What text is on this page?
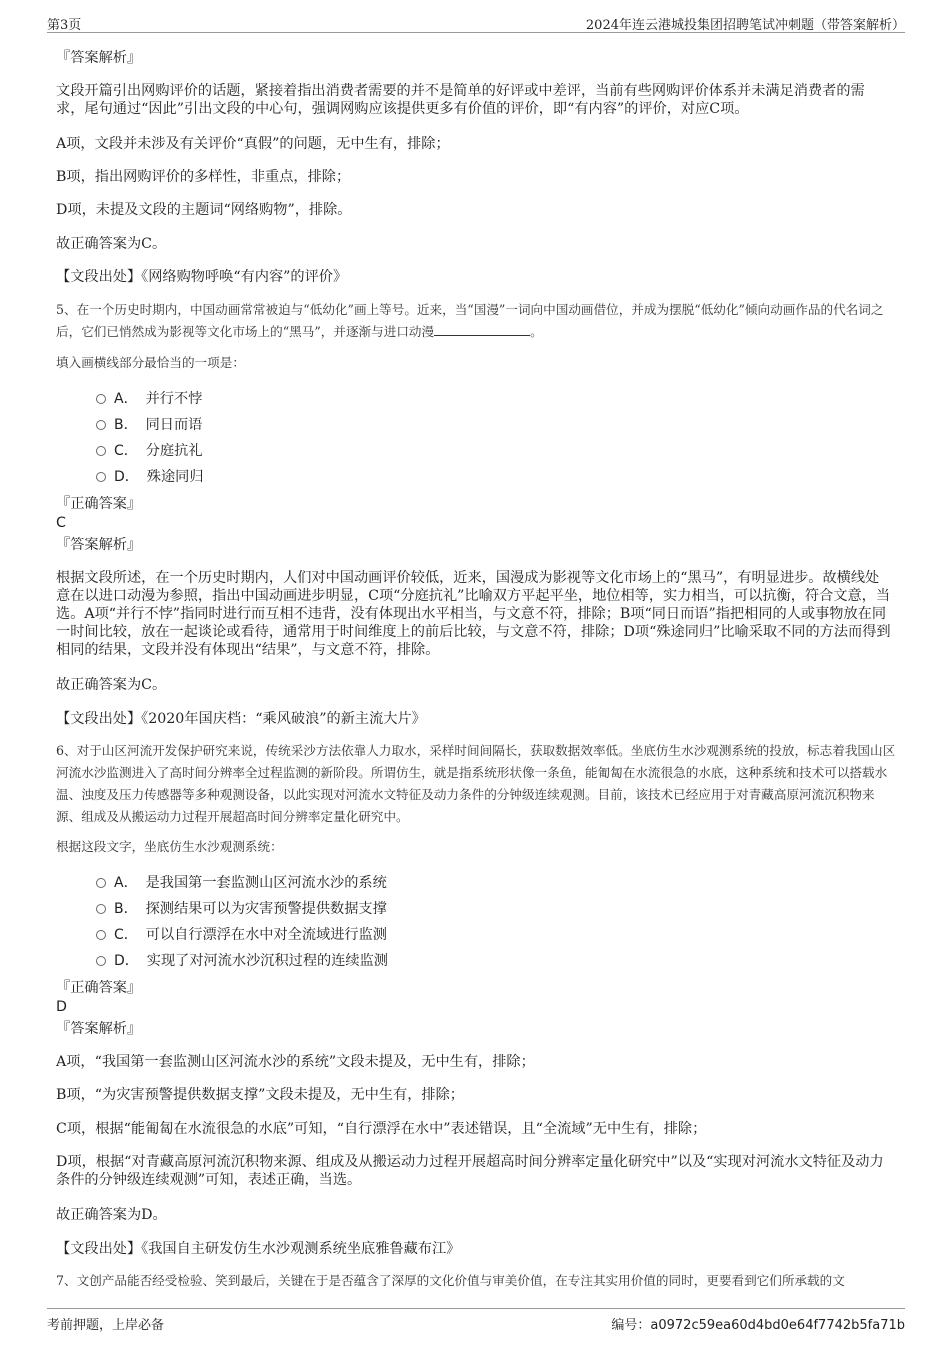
第3页	2024年连云港城投集团招聘笔试冲刺题（带答案解析）

『答案解析』

文段开篇引出网购评价的话题，紧接着指出消费者需要的并不是简单的好评或中差评，当前有些网购评价体系并未满足消费者的需求，尾句通过“因此”引出文段的中心句，强调网购应该提供更多有价值的评价，即“有内容”的评价，对应C项。

A项，文段并未涉及有关评价“真假”的问题，无中生有，排除；

B项，指出网购评价的多样性，非重点，排除；

D项，未提及文段的主题词“网络购物”，排除。

故正确答案为C。

【文段出处】《网络购物呼唤“有内容”的评价》

5、在一个历史时期内，中国动画常常被迫与“低幼化”画上等号。近来，当“国漫”一词向中国动画借位，并成为摆脱“低幼化”倾向动画作品的代名词之后，它们已悄然成为影视等文化市场上的“黑马”，并逐渐与进口动漫	。

填入画横线部分最恰当的一项是：

A． 并行不悖
B． 同日而语
C． 分庭抗礼
D． 殊途同归

『正确答案』

C

『答案解析』

根据文段所述，在一个历史时期内，人们对中国动画评价较低，近来，国漫成为影视等文化市场上的“黑马”，有明显进步。故横线处意在以进口动漫为参照，指出中国动画进步明显，C项“分庭抗礼”比喻双方平起平坐，地位相等，实力相当，可以抗衡，符合文意，当选。A项“并行不悖”指同时进行而互相不违背，没有体现出水平相当，与文意不符，排除；B项“同日而语”指把相同的人或事物放在同一时间比较，放在一起谈论或看待，通常用于时间维度上的前后比较，与文意不符，排除；D项“殊途同归”比喻采取不同的方法而得到相同的结果，文段并没有体现出“结果”，与文意不符，排除。

故正确答案为C。

【文段出处】《2020年国庆档：“乘风破浪”的新主流大片》

6、对于山区河流开发保护研究来说，传统采沙方法依靠人力取水，采样时间间隔长，获取数据效率低。坐底仿生水沙观测系统的投放，标志着我国山区河流水沙监测进入了高时间分辨率全过程监测的新阶段。所谓仿生，就是指系统形状像一条鱼，能匍匐在水流很急的水底，这种系统和技术可以搭载水温、浊度及压力传感器等多种观测设备，以此实现对河流水文特征及动力条件的分钟级连续观测。目前，该技术已经应用于对青藏高原河流沉积物来源、组成及从搬运动力过程开展超高时间分辨率定量化研究中。

根据这段文字，坐底仿生水沙观测系统：

A． 是我国第一套监测山区河流水沙的系统
B． 探测结果可以为灾害预警提供数据支撑
C． 可以自行漂浮在水中对全流域进行监测
D． 实现了对河流水沙沉积过程的连续监测

『正确答案』

D

『答案解析』

A项，“我国第一套监测山区河流水沙的系统”文段未提及，无中生有，排除；

B项，“为灾害预警提供数据支撑”文段未提及，无中生有，排除；

C项，根据“能匍匐在水流很急的水底”可知，“自行漂浮在水中”表述错误，且“全流域”无中生有，排除；

D项，根据“对青藏高原河流沉积物来源、组成及从搬运动力过程开展超高时间分辨率定量化研究中”以及“实现对河流水文特征及动力条件的分钟级连续观测”可知，表述正确，当选。

故正确答案为D。

【文段出处】《我国自主研发仿生水沙观测系统坐底雅鲁藏布江》

7、文创产品能否经受检验、笑到最后，关键在于是否蕴含了深厚的文化价值与审美价值，在专注其实用价值的同时，更要看到它们所承载的文

考前押题，上岸必备	编号：a0972c59ea60d4bd0e64f7742b5fa71b
